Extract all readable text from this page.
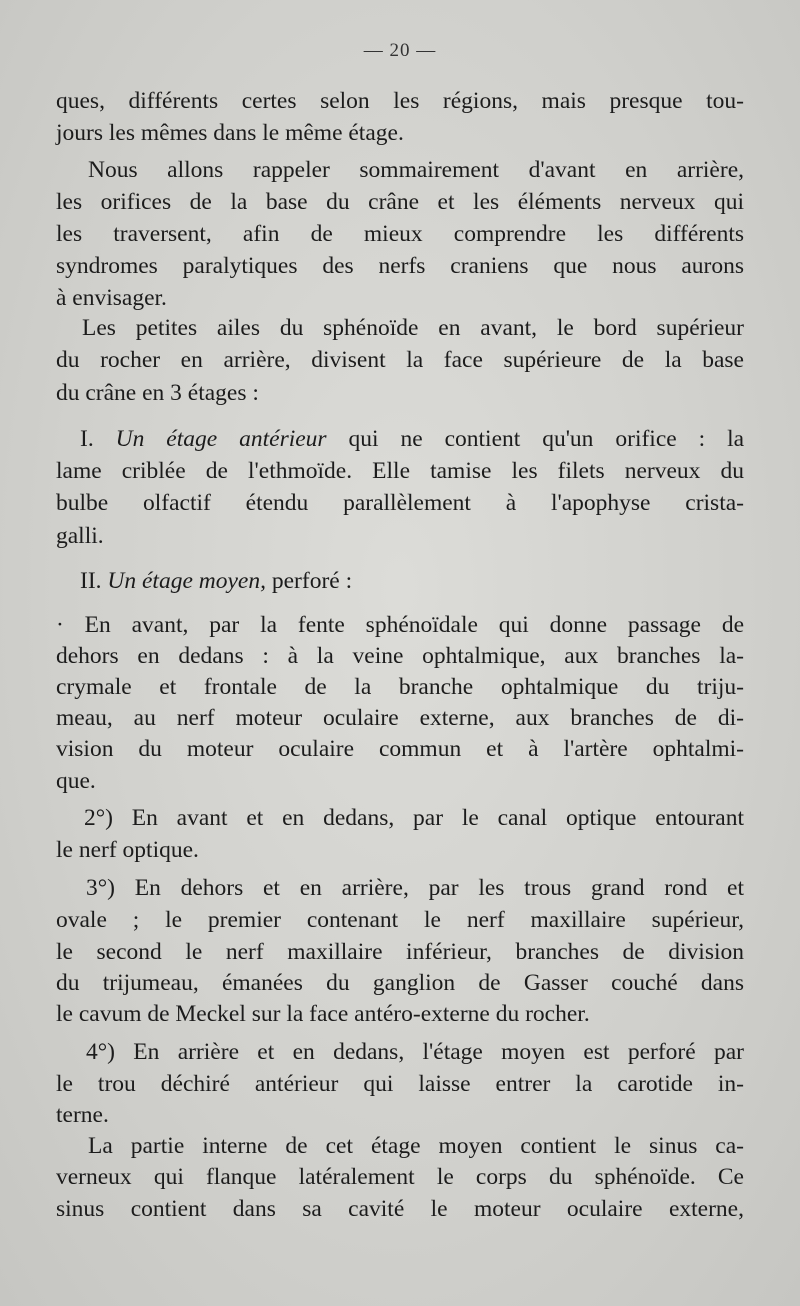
— 20 —
ques, différents certes selon les régions, mais presque tou-
jours les mêmes dans le même étage.
Nous allons rappeler sommairement d'avant en arrière,
les orifices de la base du crâne et les éléments nerveux qui
les traversent, afin de mieux comprendre les différents
syndromes paralytiques des nerfs craniens que nous aurons
à envisager.
Les petites ailes du sphénoïde en avant, le bord supérieur
du rocher en arrière, divisent la face supérieure de la base
du crâne en 3 étages :
I. Un étage antérieur qui ne contient qu'un orifice : la
lame criblée de l'ethmoïde. Elle tamise les filets nerveux du
bulbe olfactif étendu parallèlement à l'apophyse crista-
galli.
II. Un étage moyen, perforé :
· En avant, par la fente sphénoïdale qui donne passage de
dehors en dedans : à la veine ophtalmique, aux branches la-
crymale et frontale de la branche ophtalmique du triju-
meau, au nerf moteur oculaire externe, aux branches de di-
vision du moteur oculaire commun et à l'artère ophtalmi-
que.
2°) En avant et en dedans, par le canal optique entourant
le nerf optique.
3°) En dehors et en arrière, par les trous grand rond et
ovale ; le premier contenant le nerf maxillaire supérieur,
le second le nerf maxillaire inférieur, branches de division
du trijumeau, émanées du ganglion de Gasser couché dans
le cavum de Meckel sur la face antéro-externe du rocher.
4°) En arrière et en dedans, l'étage moyen est perforé par
le trou déchiré antérieur qui laisse entrer la carotide in-
terne.
La partie interne de cet étage moyen contient le sinus ca-
verneux qui flanque latéralement le corps du sphénoïde. Ce
sinus contient dans sa cavité le moteur oculaire externe,
